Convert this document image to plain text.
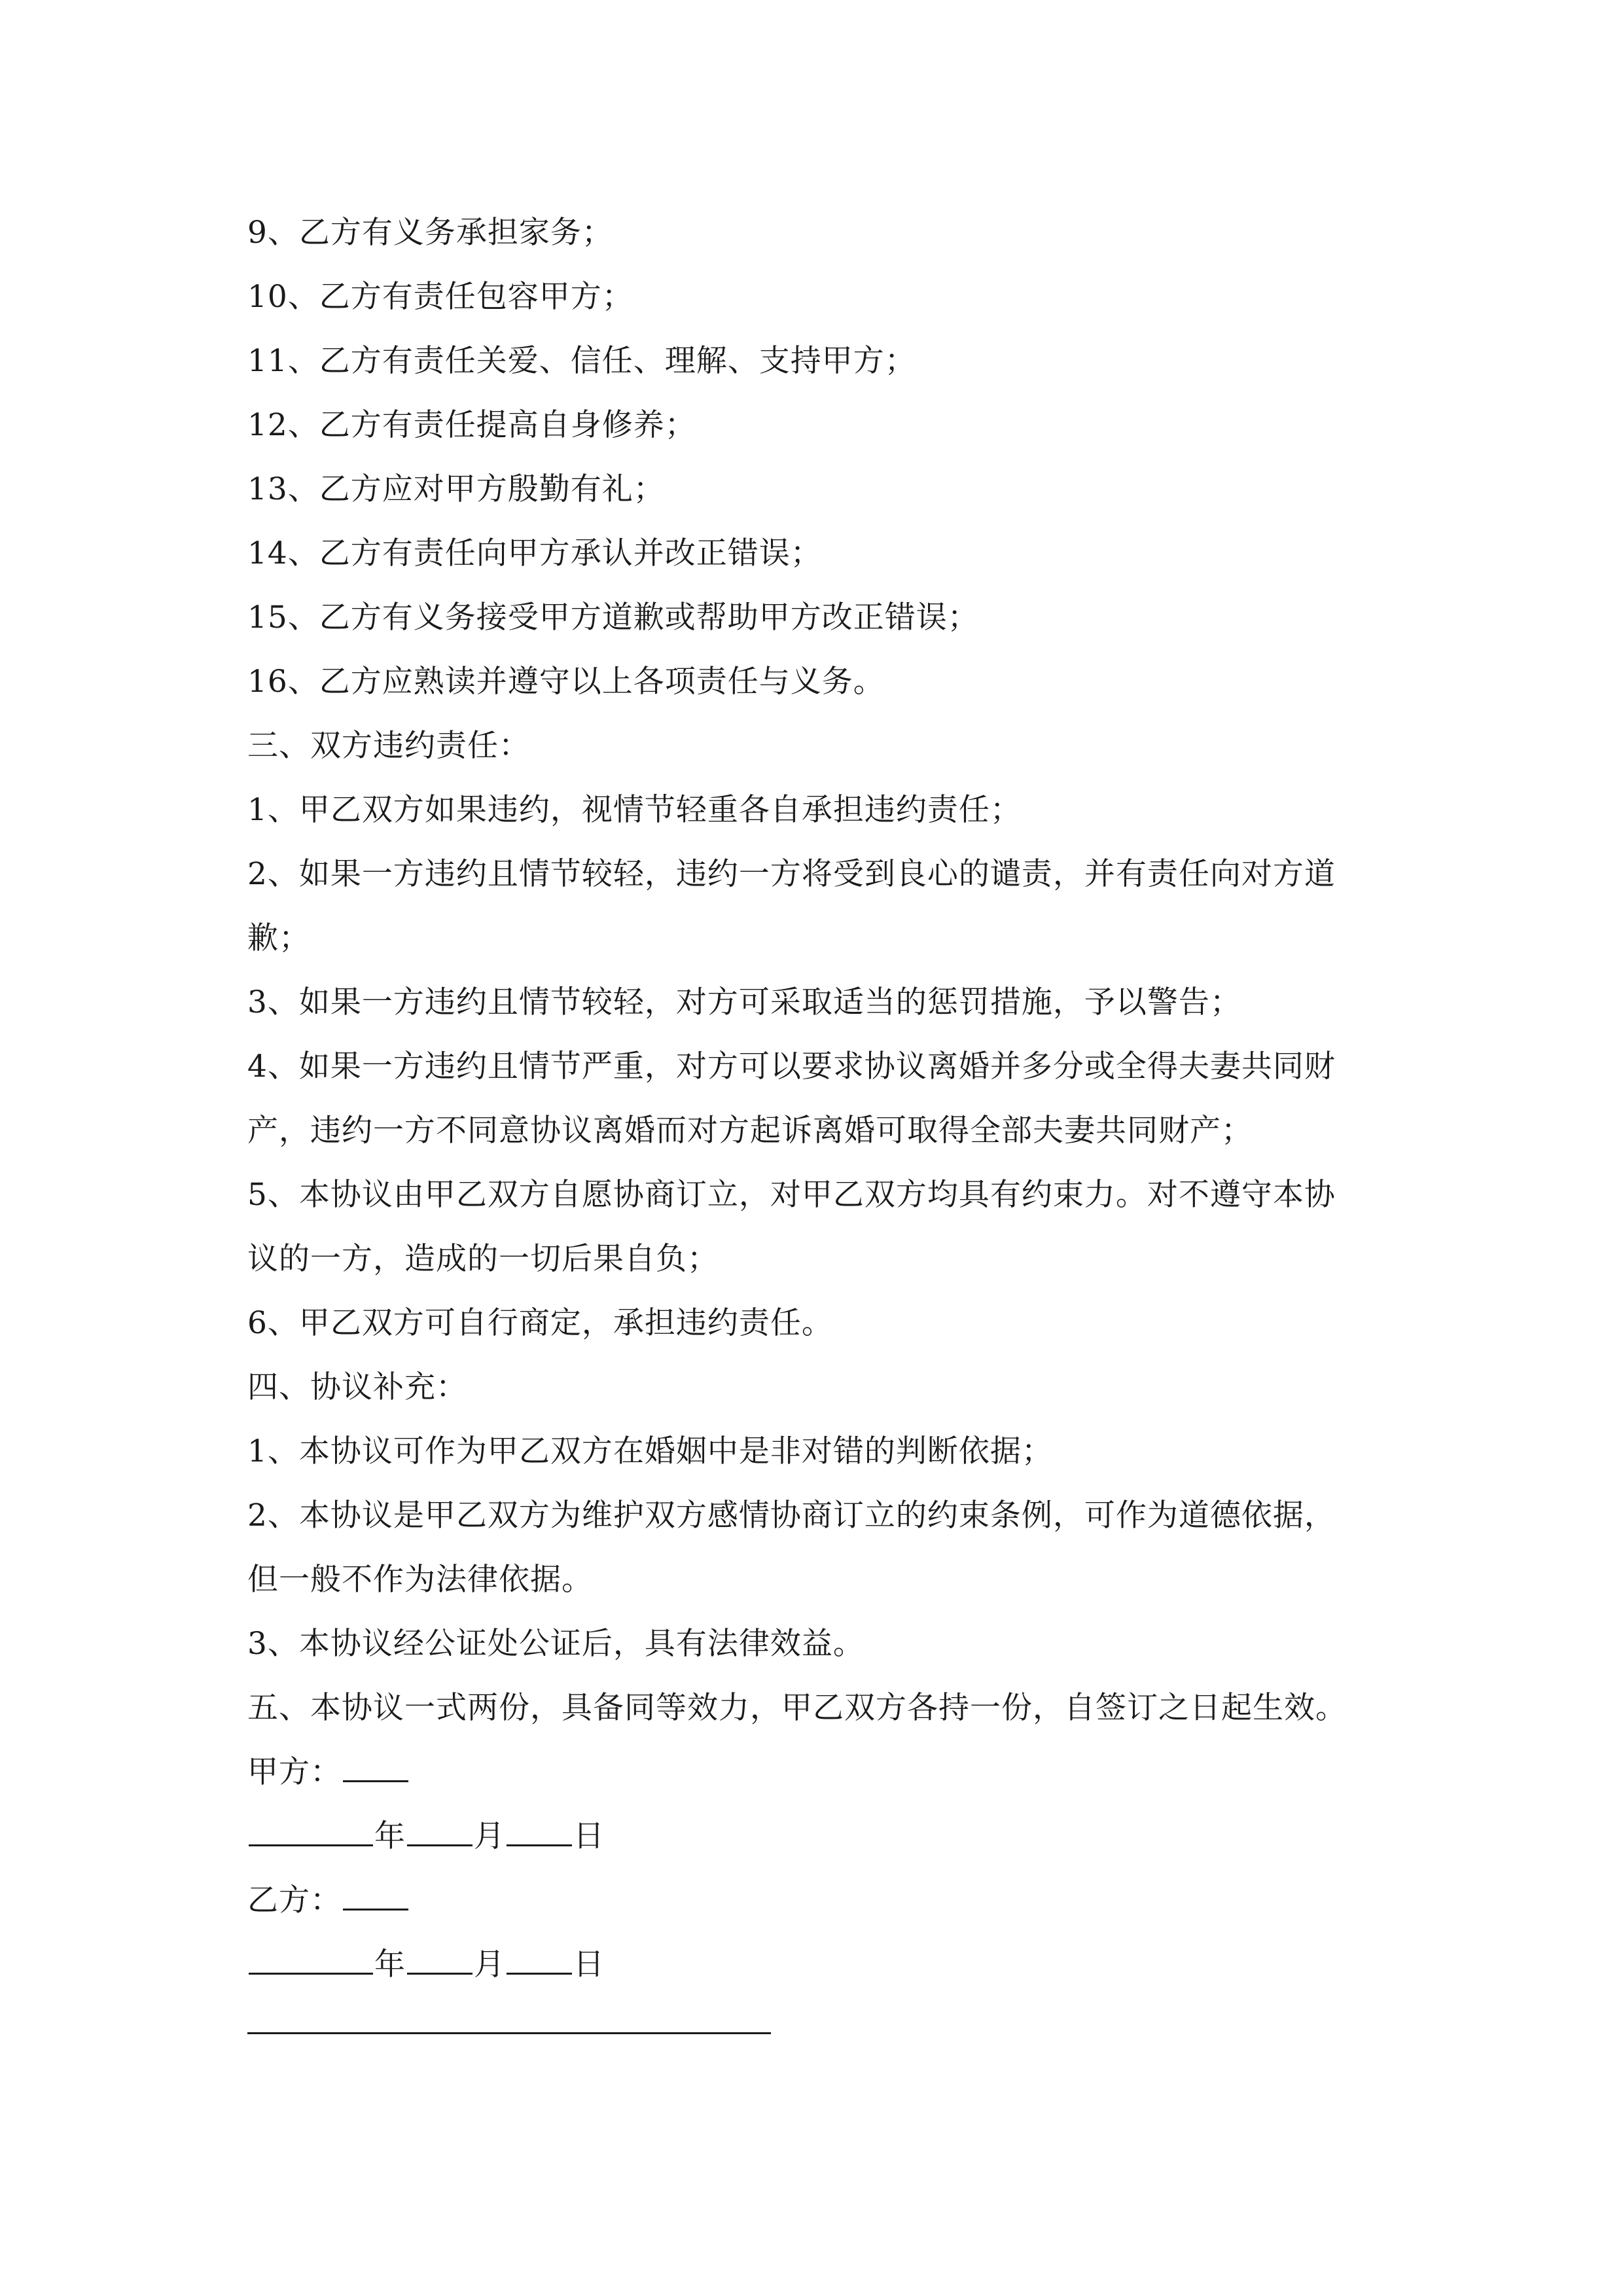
9、乙方有义务承担家务；
10、乙方有责任包容甲方；
11、乙方有责任关爱、信任、理解、支持甲方；
12、乙方有责任提高自身修养；
13、乙方应对甲方殷勤有礼；
14、乙方有责任向甲方承认并改正错误；
15、乙方有义务接受甲方道歉或帮助甲方改正错误；
16、乙方应熟读并遵守以上各项责任与义务。
三、双方违约责任：
1、甲乙双方如果违约，视情节轻重各自承担违约责任；
2、如果一方违约且情节较轻，违约一方将受到良心的谴责，并有责任向对方道
歉；
3、如果一方违约且情节较轻，对方可采取适当的惩罚措施，予以警告；
4、如果一方违约且情节严重，对方可以要求协议离婚并多分或全得夫妻共同财
产，违约一方不同意协议离婚而对方起诉离婚可取得全部夫妻共同财产；
5、本协议由甲乙双方自愿协商订立，对甲乙双方均具有约束力。对不遵守本协
议的一方，造成的一切后果自负；
6、甲乙双方可自行商定，承担违约责任。
四、协议补充：
1、本协议可作为甲乙双方在婚姻中是非对错的判断依据；
2、本协议是甲乙双方为维护双方感情协商订立的约束条例，可作为道德依据，
但一般不作为法律依据。
3、本协议经公证处公证后，具有法律效益。
五、本协议一式两份，具备同等效力，甲乙双方各持一份，自签订之日起生效。
甲方：
年 月 日
乙方：
年 月 日
